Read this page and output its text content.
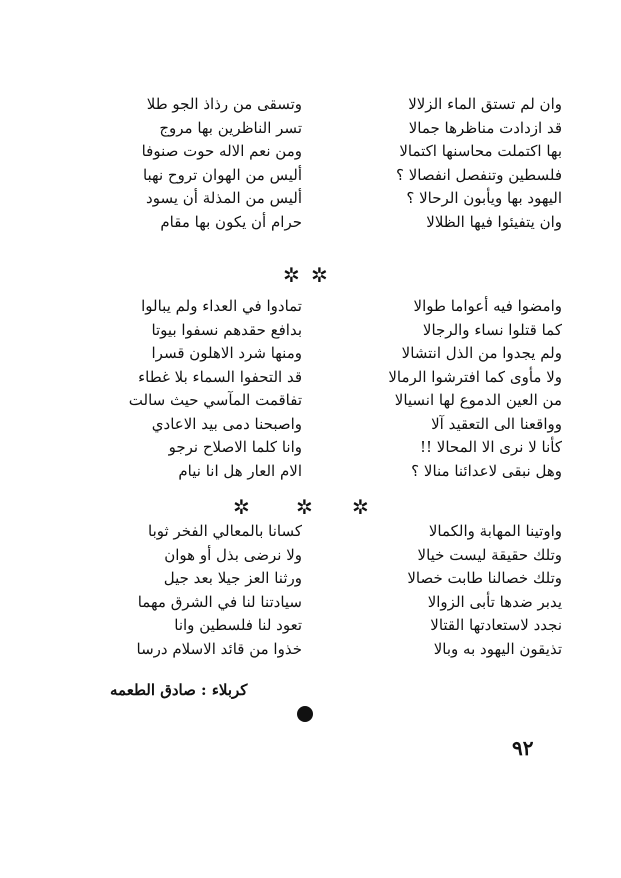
وتسقى من رذاذ الجو طلا
تسر الناظرين بها مروج
ومن نعم الاله حوت صنوفا
أليس من الهوان تروح نهبا
أليس من المذلة أن يسود
حرام أن يكون بها مقام
وان لم تستق الماء الزلالا
قد ازدادت مناظرها جمالا
بها اكتملت محاسنها اكتمالا
فلسطين وتنفصل انفصالا ؟
اليهود بها ويأبون الرحالا ؟
وان يتفيئوا فيها الظلالا
✲ ✲
تمادوا في العداء ولم يبالوا
بدافع حقدهم نسفوا بيوتا
ومنها شرد الاهلون قسرا
قد التحفوا السماء بلا غطاء
تفاقمت المآسي حيث سالت
واصبحنا دمى بيد الاعادي
وانا كلما الاصلاح نرجو
الام العار هل انا نيام
وامضوا فيه أعواما طوالا
كما قتلوا نساء والرجالا
ولم يجدوا من الذل انتشالا
ولا مأوى كما افترشوا الرمالا
من العين الدموع لها انسيالا
وواقعنا الى التعقيد آلا
كأنا لا نرى الا المحالا !!
وهل نبقى لاعدائنا منالا ؟
✲ ✲ ✲
كسانا بالمعالي الفخر ثوبا
ولا نرضى بذل أو هوان
ورثنا العز جيلا بعد جيل
سيادتنا لنا في الشرق مهما
تعود لنا فلسطين وانا
خذوا من قائد الاسلام درسا
واوتينا المهابة والكمالا
وتلك حقيقة ليست خيالا
وتلك خصالنا طابت خصالا
يدبر ضدها تأبى الزوالا
نجدد لاستعادتها القتالا
تذيقون اليهود به وبالا
كربلاء : صادق الطعمه
٩٢
